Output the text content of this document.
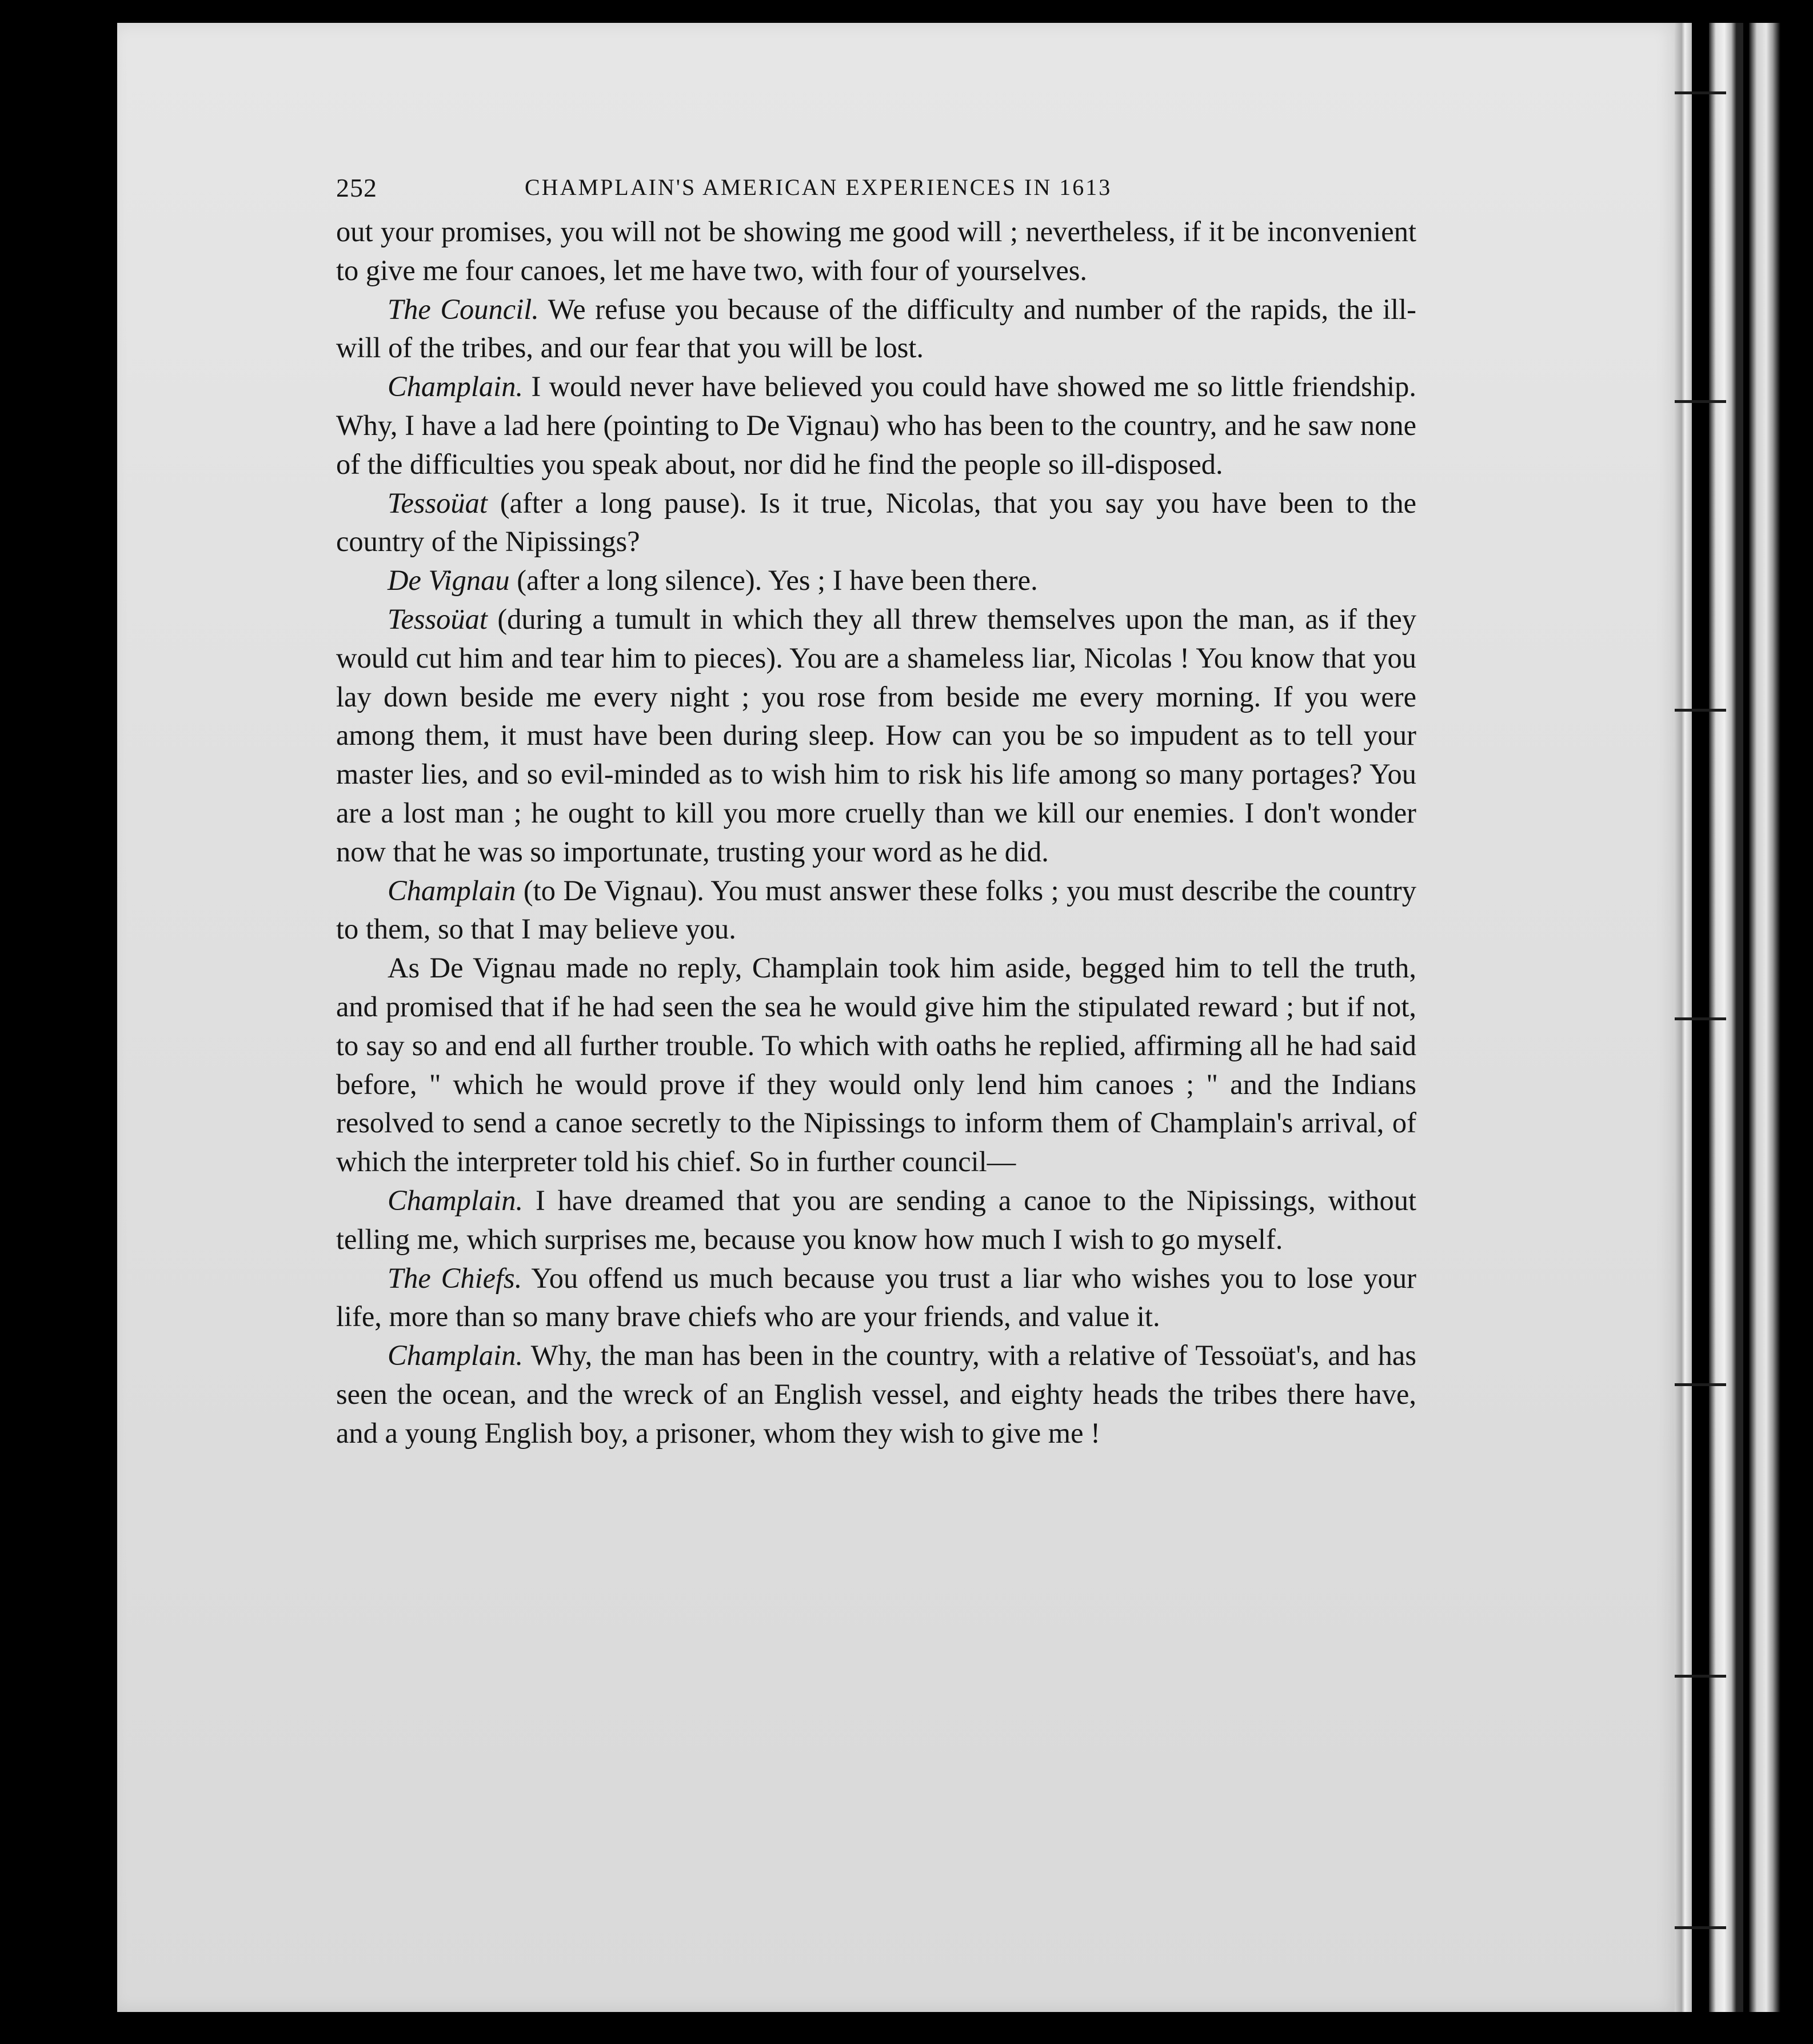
252	CHAMPLAIN'S AMERICAN EXPERIENCES IN 1613

out your promises, you will not be showing me good will ; nevertheless, if it be inconvenient to give me four canoes, let me have two, with four of yourselves.

The Council. We refuse you because of the difficulty and number of the rapids, the ill-will of the tribes, and our fear that you will be lost.

Champlain. I would never have believed you could have showed me so little friendship. Why, I have a lad here (pointing to De Vignau) who has been to the country, and he saw none of the difficulties you speak about, nor did he find the people so ill-disposed.

Tessoüat (after a long pause). Is it true, Nicolas, that you say you have been to the country of the Nipissings?

De Vignau (after a long silence). Yes ; I have been there.

Tessoüat (during a tumult in which they all threw themselves upon the man, as if they would cut him and tear him to pieces). You are a shameless liar, Nicolas ! You know that you lay down beside me every night ; you rose from beside me every morning. If you were among them, it must have been during sleep. How can you be so impudent as to tell your master lies, and so evil-minded as to wish him to risk his life among so many portages? You are a lost man ; he ought to kill you more cruelly than we kill our enemies. I don't wonder now that he was so importunate, trusting your word as he did.

Champlain (to De Vignau). You must answer these folks ; you must describe the country to them, so that I may believe you.

As De Vignau made no reply, Champlain took him aside, begged him to tell the truth, and promised that if he had seen the sea he would give him the stipulated reward ; but if not, to say so and end all further trouble. To which with oaths he replied, affirming all he had said before, " which he would prove if they would only lend him canoes ; " and the Indians resolved to send a canoe secretly to the Nipissings to inform them of Champlain's arrival, of which the interpreter told his chief. So in further council—

Champlain. I have dreamed that you are sending a canoe to the Nipissings, without telling me, which surprises me, because you know how much I wish to go myself.

The Chiefs. You offend us much because you trust a liar who wishes you to lose your life, more than so many brave chiefs who are your friends, and value it.

Champlain. Why, the man has been in the country, with a relative of Tessoüat's, and has seen the ocean, and the wreck of an English vessel, and eighty heads the tribes there have, and a young English boy, a prisoner, whom they wish to give me !
